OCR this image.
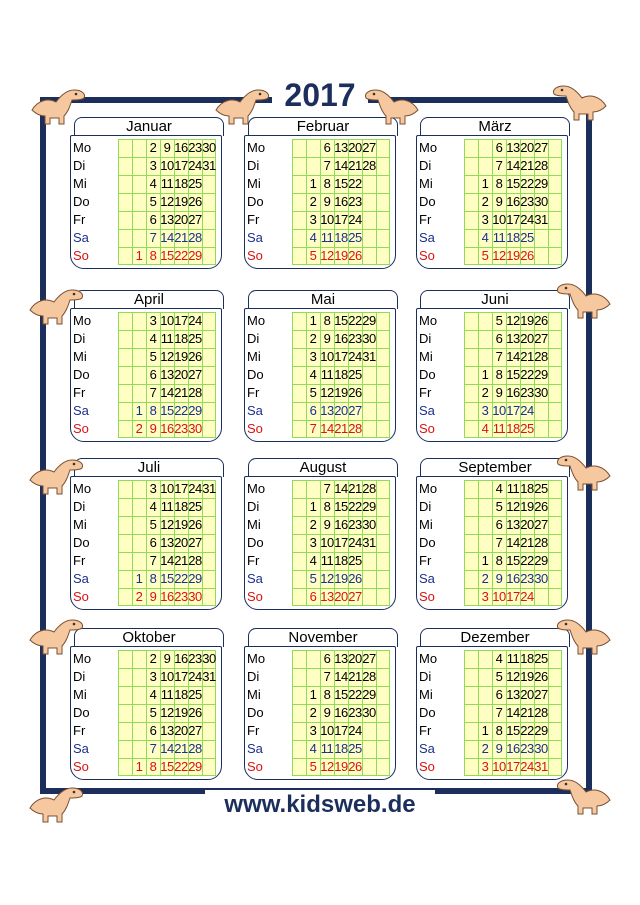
2017
Januar
Mo
Di
Mi
Do
Fr
Sa
So	1
2
3
4
5
6
7
8
9
10
11
12
13
14
15
16
17
18
19
20
21
22
23
24
25
26
27
28
29
30
31
Februar
Mo
Di
Mi
Do
Fr
Sa
So
1
2
3
4
5
6
7
8
9
10
11
12
13
14
15
16
17
18
19
20
21
22
23
24
25
26
27
28
März
Mo
Di
Mi
Do
Fr
Sa
So
1
2
3
4
5
6
7
8
9
10
11
12
13
14
15
16
17
18
19
20
21
22
23
24
25
26
27
28
29
30
31
April
Mo
Di
Mi
Do
Fr
Sa
So
1
2
3
4
5
6
7
8
9
10
11
12
13
14
15
16
17
18
19
20
21
22
23
24
25
26
27
28
29
30
Mai
Mo
Di
Mi
Do
Fr
Sa
So
1
2
3
4
5
6
7
8
9
10
11
12
13
14
15
16
17
18
19
20
21
22
23
24
25
26
27
28
29
30
31
Juni
Mo
Di
Mi
Do
Fr
Sa
So
1
2
3
4
5
6
7
8
9
10
11
12
13
14
15
16
17
18
19
20
21
22
23
24
25
26
27
28
29
30
Juli
Mo
Di
Mi
Do
Fr
Sa
So
1
2
3
4
5
6
7
8
9
10
11
12
13
14
15
16
17
18
19
20
21
22
23
24
25
26
27
28
29
30
31
August
Mo
Di
Mi
Do
Fr
Sa
So
1
2
3
4
5
6
7
8
9
10
11
12
13
14
15
16
17
18
19
20
21
22
23
24
25
26
27
28
29
30
31
September
Mo
Di
Mi
Do
Fr
Sa
So
1
2
3
4
5
6
7
8
9
10
11
12
13
14
15
16
17
18
19
20
21
22
23
24
25
26
27
28
29
30
Oktober
Mo
Di
Mi
Do
Fr
Sa
So	1
2
3
4
5
6
7
8
9
10
11
12
13
14
15
16
17
18
19
20
21
22
23
24
25
26
27
28
29
30
31
November
Mo
Di
Mi
Do
Fr
Sa
So
1
2
3
4
5
6
7
8
9
10
11
12
13
14
15
16
17
18
19
20
21
22
23
24
25
26
27
28
29
30
Dezember
Mo
Di
Mi
Do
Fr
Sa
So
1
2
3
4
5
6
7
8
9
10
11
12
13
14
15
16
17
18
19
20
21
22
23
24
25
26
27
28
29
30
31
www.kidsweb.de
